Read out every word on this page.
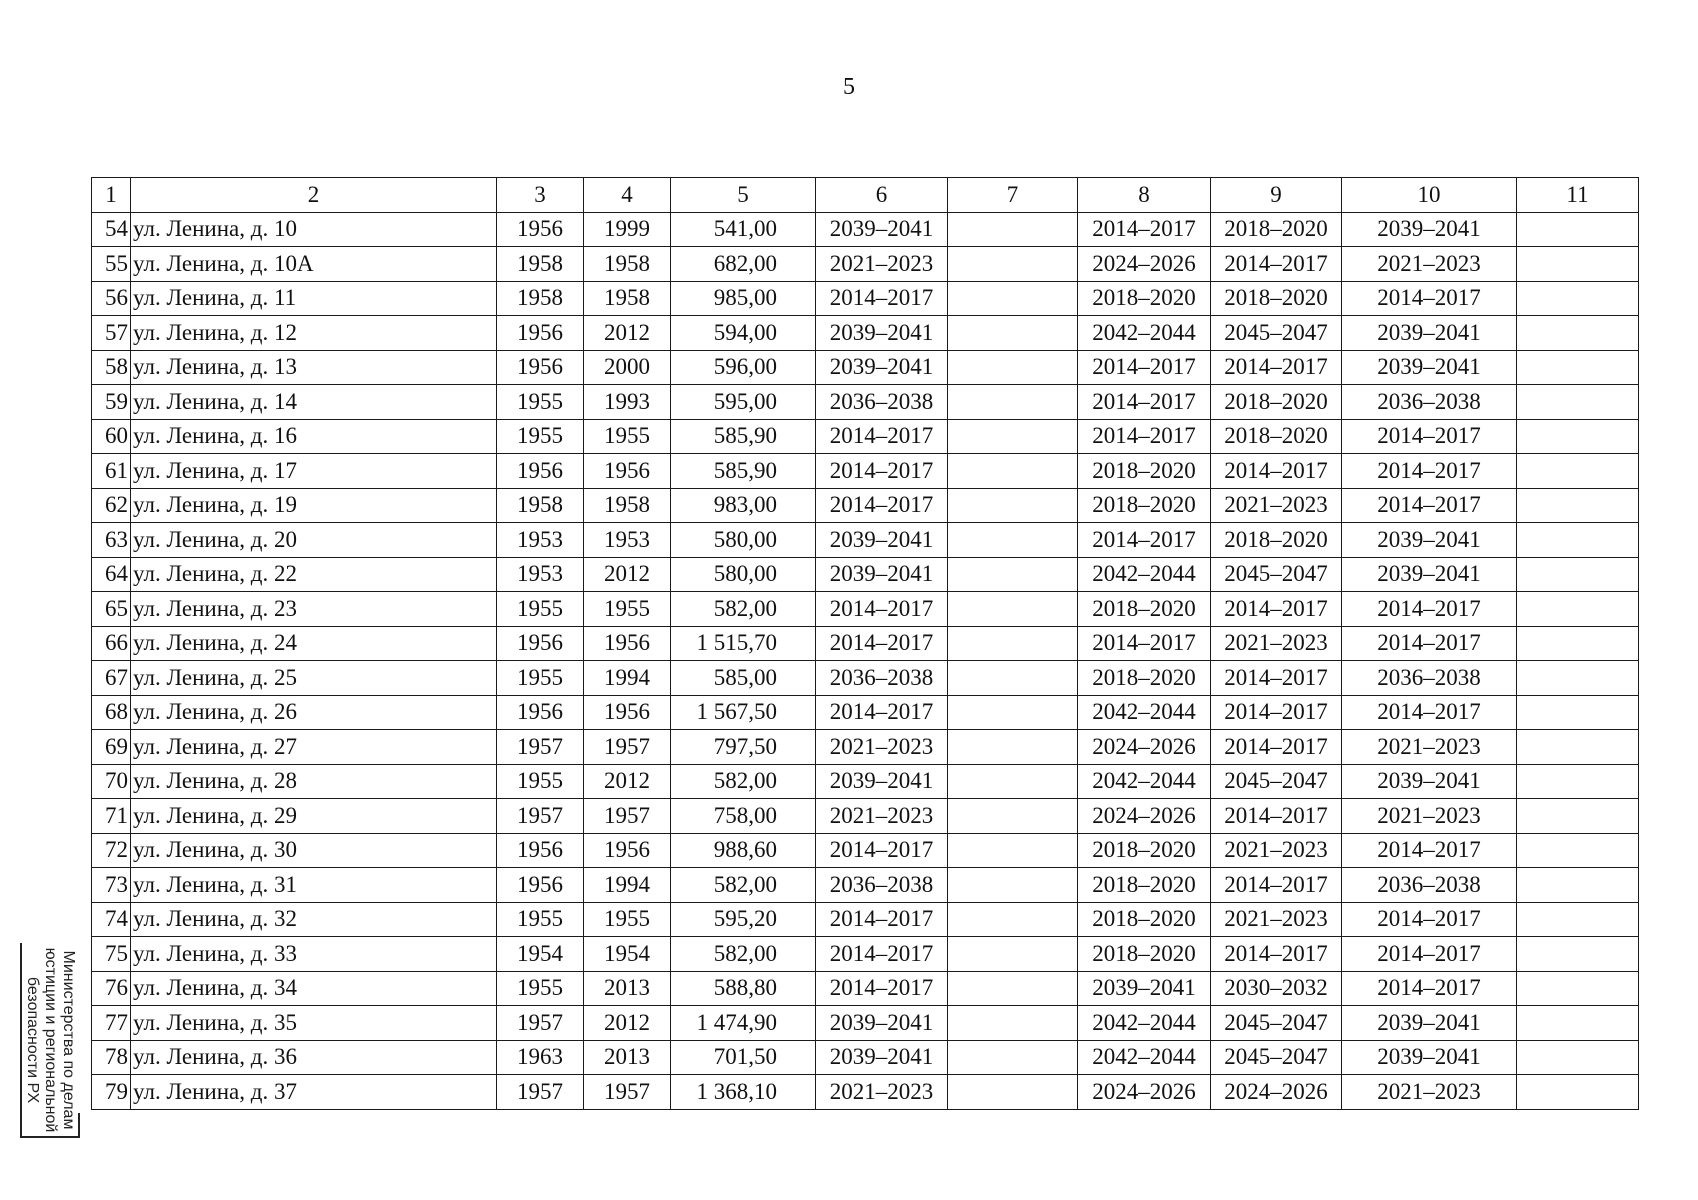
5
1	2	3	4	5	6	7	8	9	10	11
54	ул. Ленина, д. 10	1956	1999	541,00	2039–2041		2014–2017	2018–2020	2039–2041	
55	ул. Ленина, д. 10А	1958	1958	682,00	2021–2023		2024–2026	2014–2017	2021–2023	
56	ул. Ленина, д. 11	1958	1958	985,00	2014–2017		2018–2020	2018–2020	2014–2017	
57	ул. Ленина, д. 12	1956	2012	594,00	2039–2041		2042–2044	2045–2047	2039–2041	
58	ул. Ленина, д. 13	1956	2000	596,00	2039–2041		2014–2017	2014–2017	2039–2041	
59	ул. Ленина, д. 14	1955	1993	595,00	2036–2038		2014–2017	2018–2020	2036–2038	
60	ул. Ленина, д. 16	1955	1955	585,90	2014–2017		2014–2017	2018–2020	2014–2017	
61	ул. Ленина, д. 17	1956	1956	585,90	2014–2017		2018–2020	2014–2017	2014–2017	
62	ул. Ленина, д. 19	1958	1958	983,00	2014–2017		2018–2020	2021–2023	2014–2017	
63	ул. Ленина, д. 20	1953	1953	580,00	2039–2041		2014–2017	2018–2020	2039–2041	
64	ул. Ленина, д. 22	1953	2012	580,00	2039–2041		2042–2044	2045–2047	2039–2041	
65	ул. Ленина, д. 23	1955	1955	582,00	2014–2017		2018–2020	2014–2017	2014–2017	
66	ул. Ленина, д. 24	1956	1956	1 515,70	2014–2017		2014–2017	2021–2023	2014–2017	
67	ул. Ленина, д. 25	1955	1994	585,00	2036–2038		2018–2020	2014–2017	2036–2038	
68	ул. Ленина, д. 26	1956	1956	1 567,50	2014–2017		2042–2044	2014–2017	2014–2017	
69	ул. Ленина, д. 27	1957	1957	797,50	2021–2023		2024–2026	2014–2017	2021–2023	
70	ул. Ленина, д. 28	1955	2012	582,00	2039–2041		2042–2044	2045–2047	2039–2041	
71	ул. Ленина, д. 29	1957	1957	758,00	2021–2023		2024–2026	2014–2017	2021–2023	
72	ул. Ленина, д. 30	1956	1956	988,60	2014–2017		2018–2020	2021–2023	2014–2017	
73	ул. Ленина, д. 31	1956	1994	582,00	2036–2038		2018–2020	2014–2017	2036–2038	
74	ул. Ленина, д. 32	1955	1955	595,20	2014–2017		2018–2020	2021–2023	2014–2017	
75	ул. Ленина, д. 33	1954	1954	582,00	2014–2017		2018–2020	2014–2017	2014–2017	
76	ул. Ленина, д. 34	1955	2013	588,80	2014–2017		2039–2041	2030–2032	2014–2017	
77	ул. Ленина, д. 35	1957	2012	1 474,90	2039–2041		2042–2044	2045–2047	2039–2041	
78	ул. Ленина, д. 36	1963	2013	701,50	2039–2041		2042–2044	2045–2047	2039–2041	
79	ул. Ленина, д. 37	1957	1957	1 368,10	2021–2023		2024–2026	2024–2026	2021–2023	
Министерства по делам
юстиции и региональной
безопасности РХ
